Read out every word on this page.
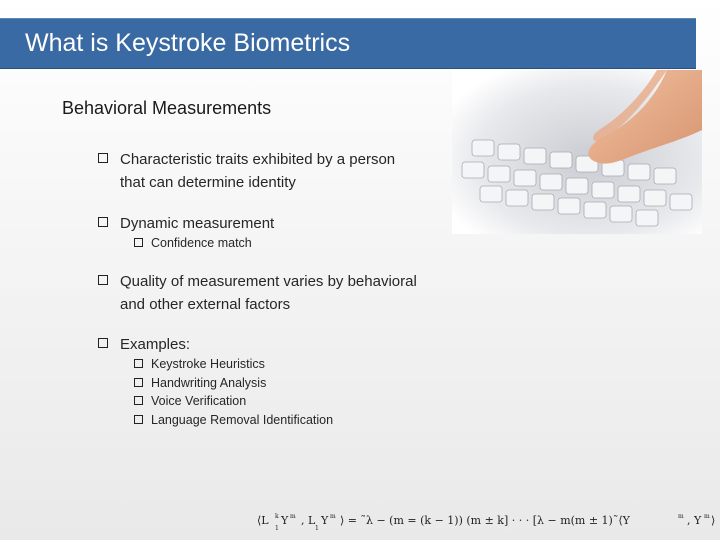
What is Keystroke Biometrics
Behavioral Measurements
Characteristic traits exhibited by a person
that can determine identity
Dynamic measurement
Confidence match
Quality of measurement varies by behavioral
and other external factors
Examples:
Keystroke Heuristics
Handwriting Analysis
Voice Verification
Language Removal Identification
⟨L k
1
Y m , L
1
Y m ⟩ = ˜λ − (m = (k − 1)) (m ± k] · · · [λ − m(m ± 1)˜⟨Y	m , Y m ⟩
